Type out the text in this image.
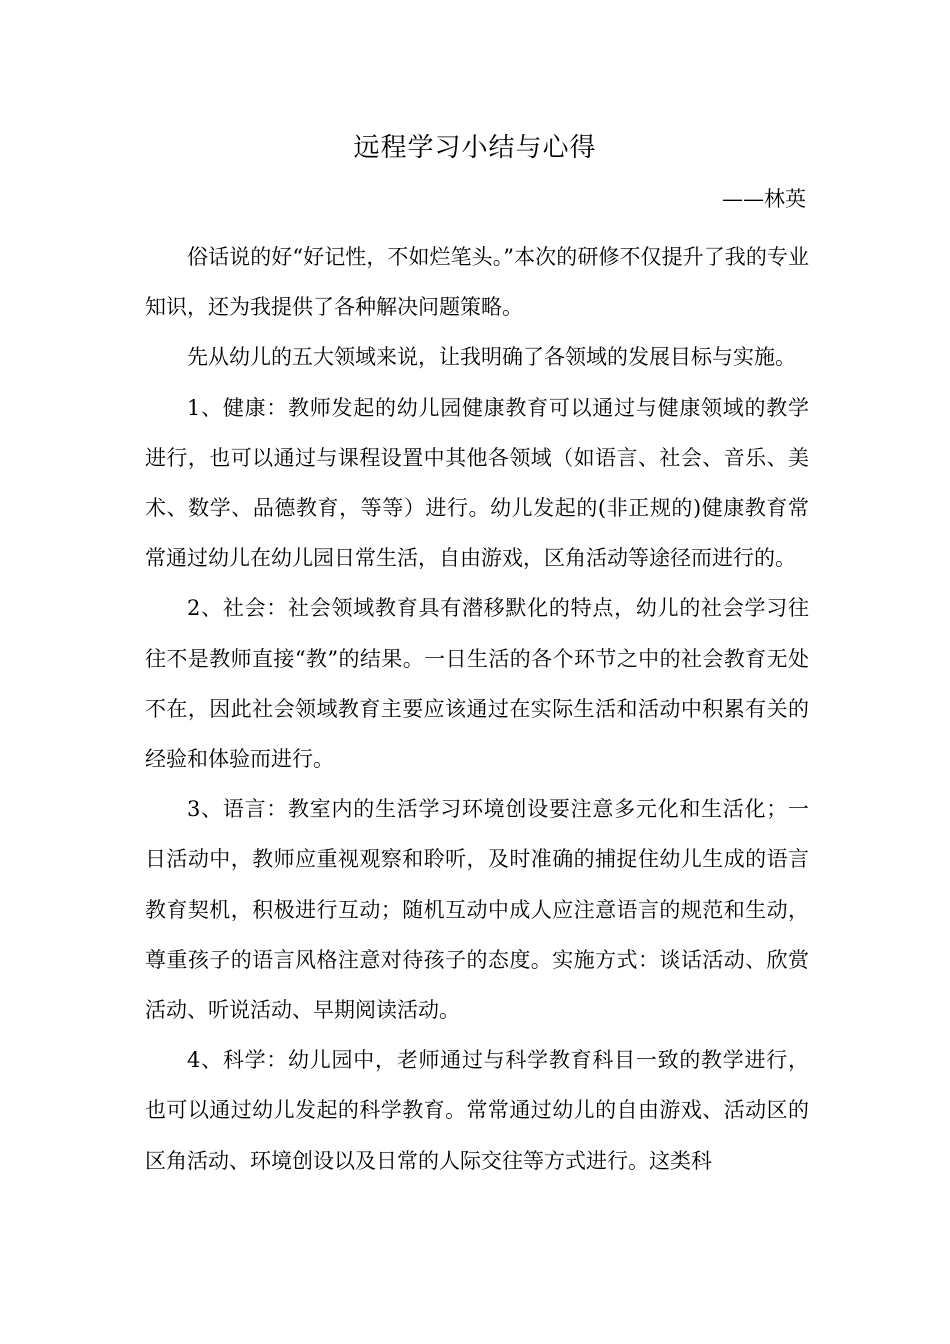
远程学习小结与心得
——林英

俗话说的好“好记性，不如烂笔头。”本次的研修不仅提升了我的专业知识，还为我提供了各种解决问题策略。

先从幼儿的五大领域来说，让我明确了各领域的发展目标与实施。

1、健康：教师发起的幼儿园健康教育可以通过与健康领域的教学进行，也可以通过与课程设置中其他各领域（如语言、社会、音乐、美术、数学、品德教育，等等）进行。幼儿发起的(非正规的)健康教育常常通过幼儿在幼儿园日常生活，自由游戏，区角活动等途径而进行的。

2、社会：社会领域教育具有潜移默化的特点，幼儿的社会学习往往不是教师直接“教”的结果。一日生活的各个环节之中的社会教育无处不在，因此社会领域教育主要应该通过在实际生活和活动中积累有关的经验和体验而进行。

3、语言：教室内的生活学习环境创设要注意多元化和生活化；一日活动中，教师应重视观察和聆听，及时准确的捕捉住幼儿生成的语言教育契机，积极进行互动；随机互动中成人应注意语言的规范和生动，尊重孩子的语言风格注意对待孩子的态度。实施方式：谈话活动、欣赏活动、听说活动、早期阅读活动。

4、科学：幼儿园中，老师通过与科学教育科目一致的教学进行，也可以通过幼儿发起的科学教育。常常通过幼儿的自由游戏、活动区的区角活动、环境创设以及日常的人际交往等方式进行。这类科
